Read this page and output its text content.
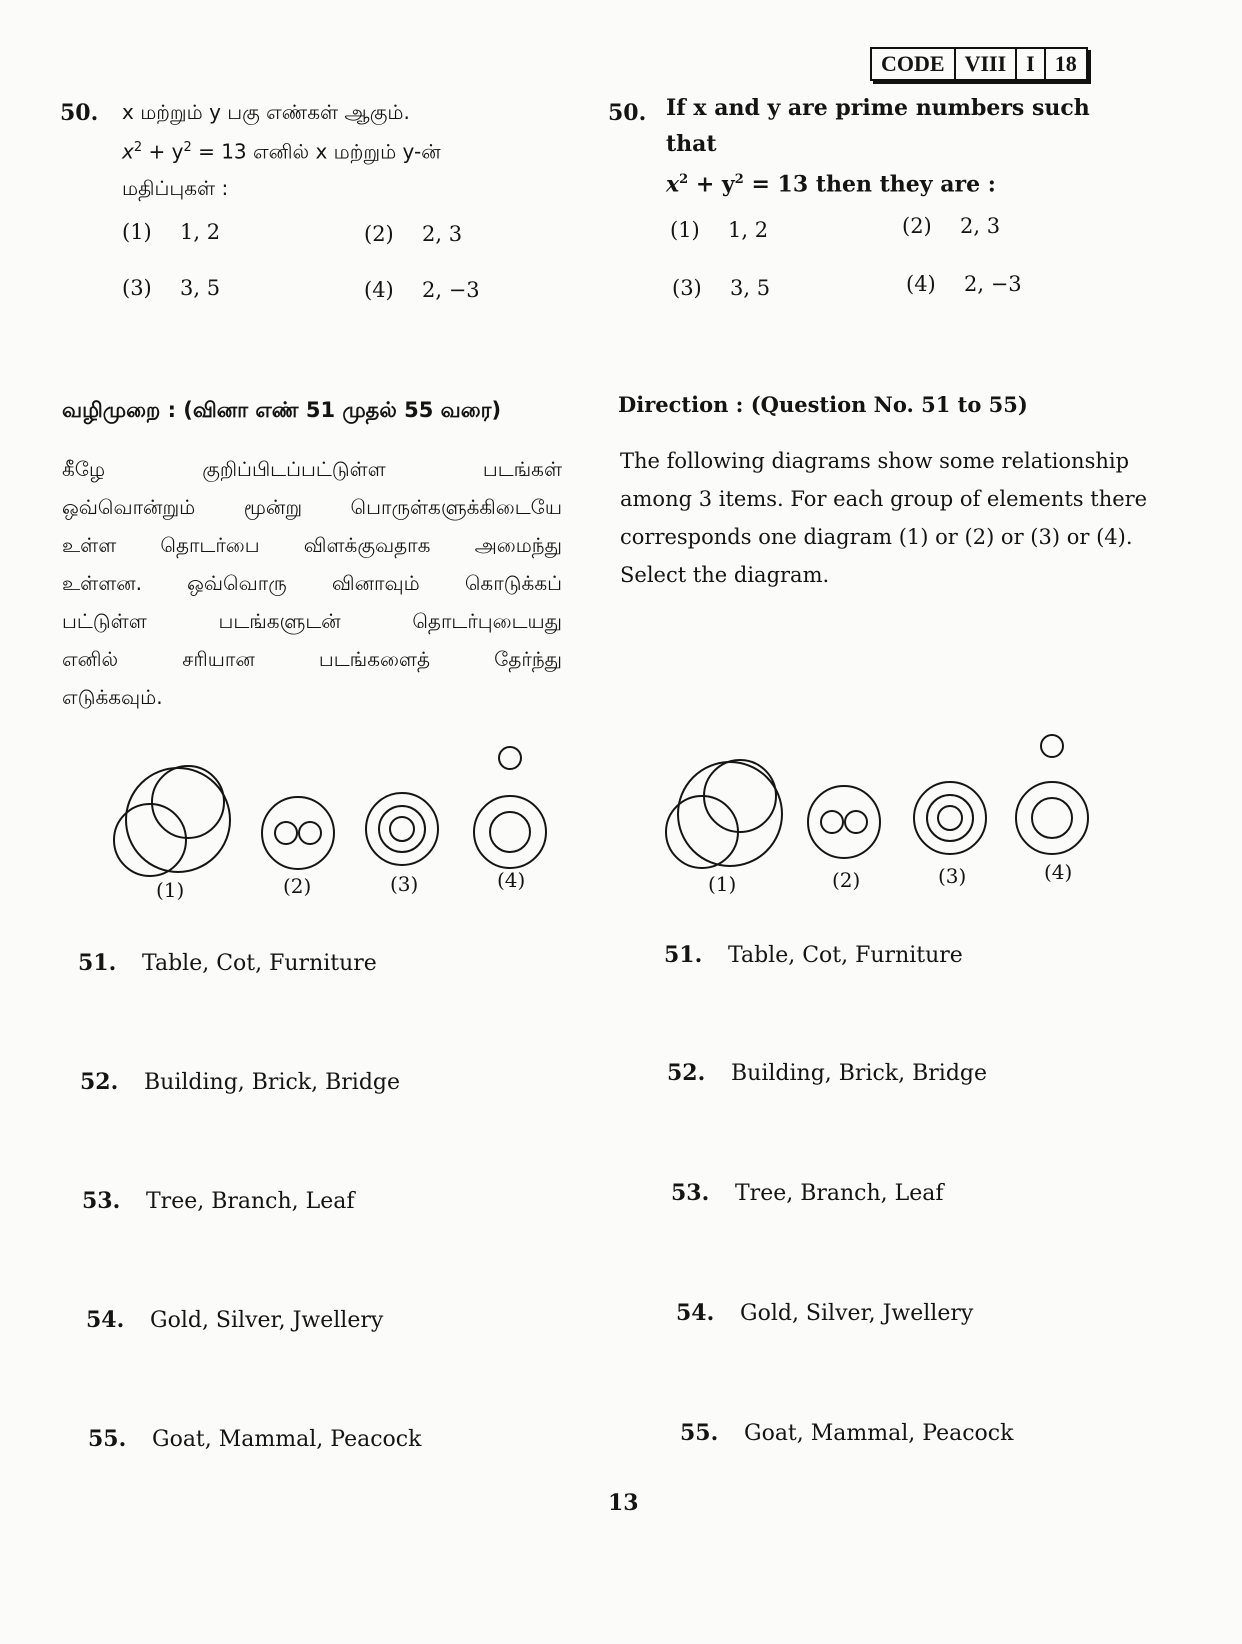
CODE VIII I 18
50. x மற்றும் y பகு எண்கள் ஆகும்.
$x^2 + y^2 = 13$ எனில் x மற்றும் y-ன்
மதிப்புகள் :
(1) 1, 2	(2) 2, 3
(3) 3, 5	(4) 2, −3
50. If x and y are prime numbers such that
$x^2 + y^2 = 13$ then they are :
(1) 1, 2	(2) 2, 3
(3) 3, 5	(4) 2, −3
வழிமுறை : (வினா எண் 51 முதல் 55 வரை)	Direction : (Question No. 51 to 55)
கீழே குறிப்பிடப்பட்டுள்ள படங்கள்
ஒவ்வொன்றும் மூன்று பொருள்களுக்கிடையே
உள்ள தொடர்பை விளக்குவதாக அமைந்து
உள்ளன. ஒவ்வொரு வினாவும் கொடுக்கப்
பட்டுள்ள படங்களுடன் தொடர்புடையது
எனில் சரியான படங்களைத் தேர்ந்து
எடுக்கவும்.
The following diagrams show some relationship
among 3 items. For each group of elements there
corresponds one diagram (1) or (2) or (3) or (4).
Select the diagram.
(1)	(2)	(3)	(4)	(1)	(2)	(3)	(4)
51. Table, Cot, Furniture
52. Building, Brick, Bridge
53. Tree, Branch, Leaf
54. Gold, Silver, Jwellery
55. Goat, Mammal, Peacock
51. Table, Cot, Furniture
52. Building, Brick, Bridge
53. Tree, Branch, Leaf
54. Gold, Silver, Jwellery
55. Goat, Mammal, Peacock
13
